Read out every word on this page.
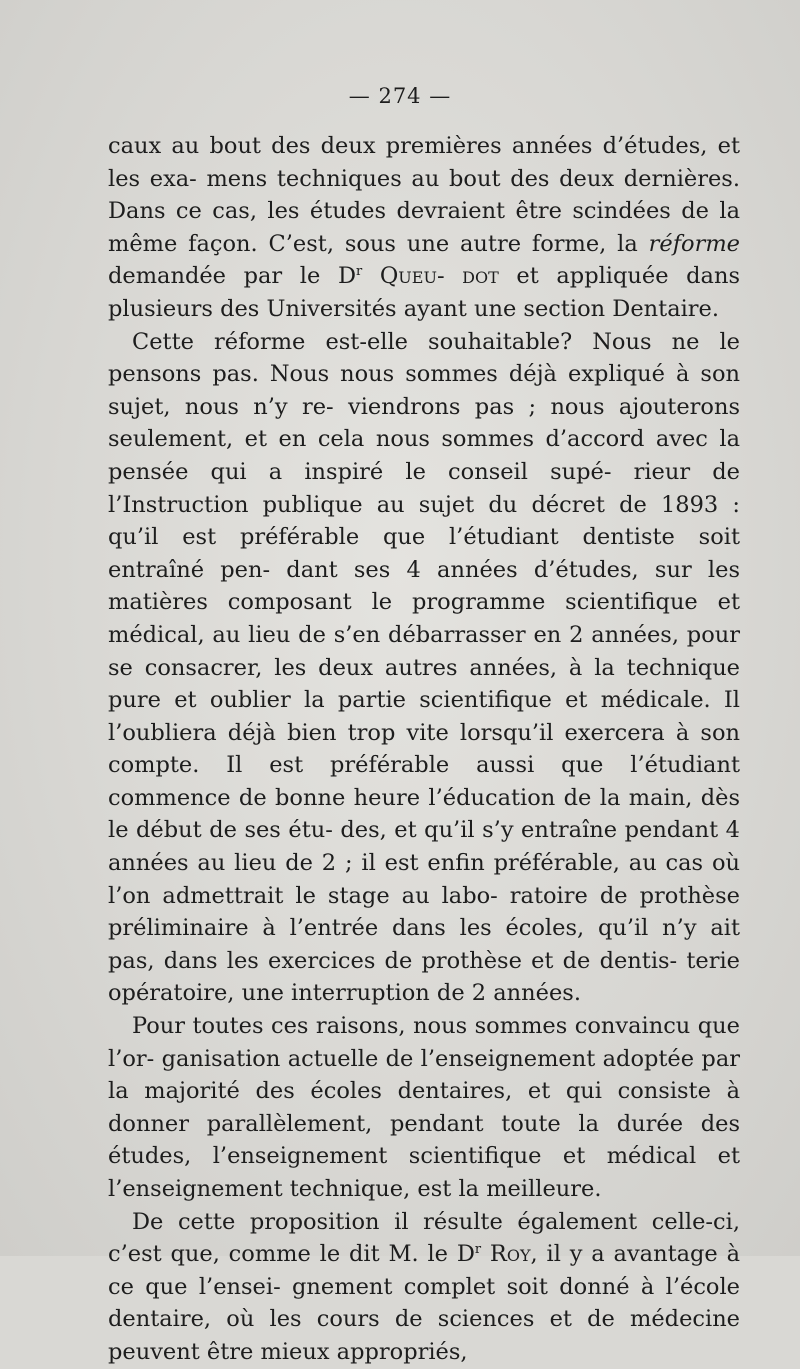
— 274 —

caux au bout des deux premières années d’études, et les exa- mens techniques au bout des deux dernières. Dans ce cas, les études devraient être scindées de la même façon. C’est, sous une autre forme, la réforme demandée par le $D^r$ Queu- dot et appliquée dans plusieurs des Universités ayant une section Dentaire.

Cette réforme est-elle souhaitable? Nous ne le pensons pas. Nous nous sommes déjà expliqué à son sujet, nous n’y re- viendrons pas ; nous ajouterons seulement, et en cela nous sommes d’accord avec la pensée qui a inspiré le conseil supé- rieur de l’Instruction publique au sujet du décret de 1893 : qu’il est préférable que l’étudiant dentiste soit entraîné pen- dant ses 4 années d’études, sur les matières composant le programme scientifique et médical, au lieu de s’en débarrasser en 2 années, pour se consacrer, les deux autres années, à la technique pure et oublier la partie scientifique et médicale. Il l’oubliera déjà bien trop vite lorsqu’il exercera à son compte. Il est préférable aussi que l’étudiant commence de bonne heure l’éducation de la main, dès le début de ses étu- des, et qu’il s’y entraîne pendant 4 années au lieu de 2 ; il est enfin préférable, au cas où l’on admettrait le stage au labo- ratoire de prothèse préliminaire à l’entrée dans les écoles, qu’il n’y ait pas, dans les exercices de prothèse et de dentis- terie opératoire, une interruption de 2 années.

Pour toutes ces raisons, nous sommes convaincu que l’or- ganisation actuelle de l’enseignement adoptée par la majorité des écoles dentaires, et qui consiste à donner parallèlement, pendant toute la durée des études, l’enseignement scientifique et médical et l’enseignement technique, est la meilleure.

De cette proposition il résulte également celle-ci, c’est que, comme le dit M. le $D^r$ Roy, il y a avantage à ce que l’ensei- gnement complet soit donné à l’école dentaire, où les cours de sciences et de médecine peuvent être mieux appropriés,
